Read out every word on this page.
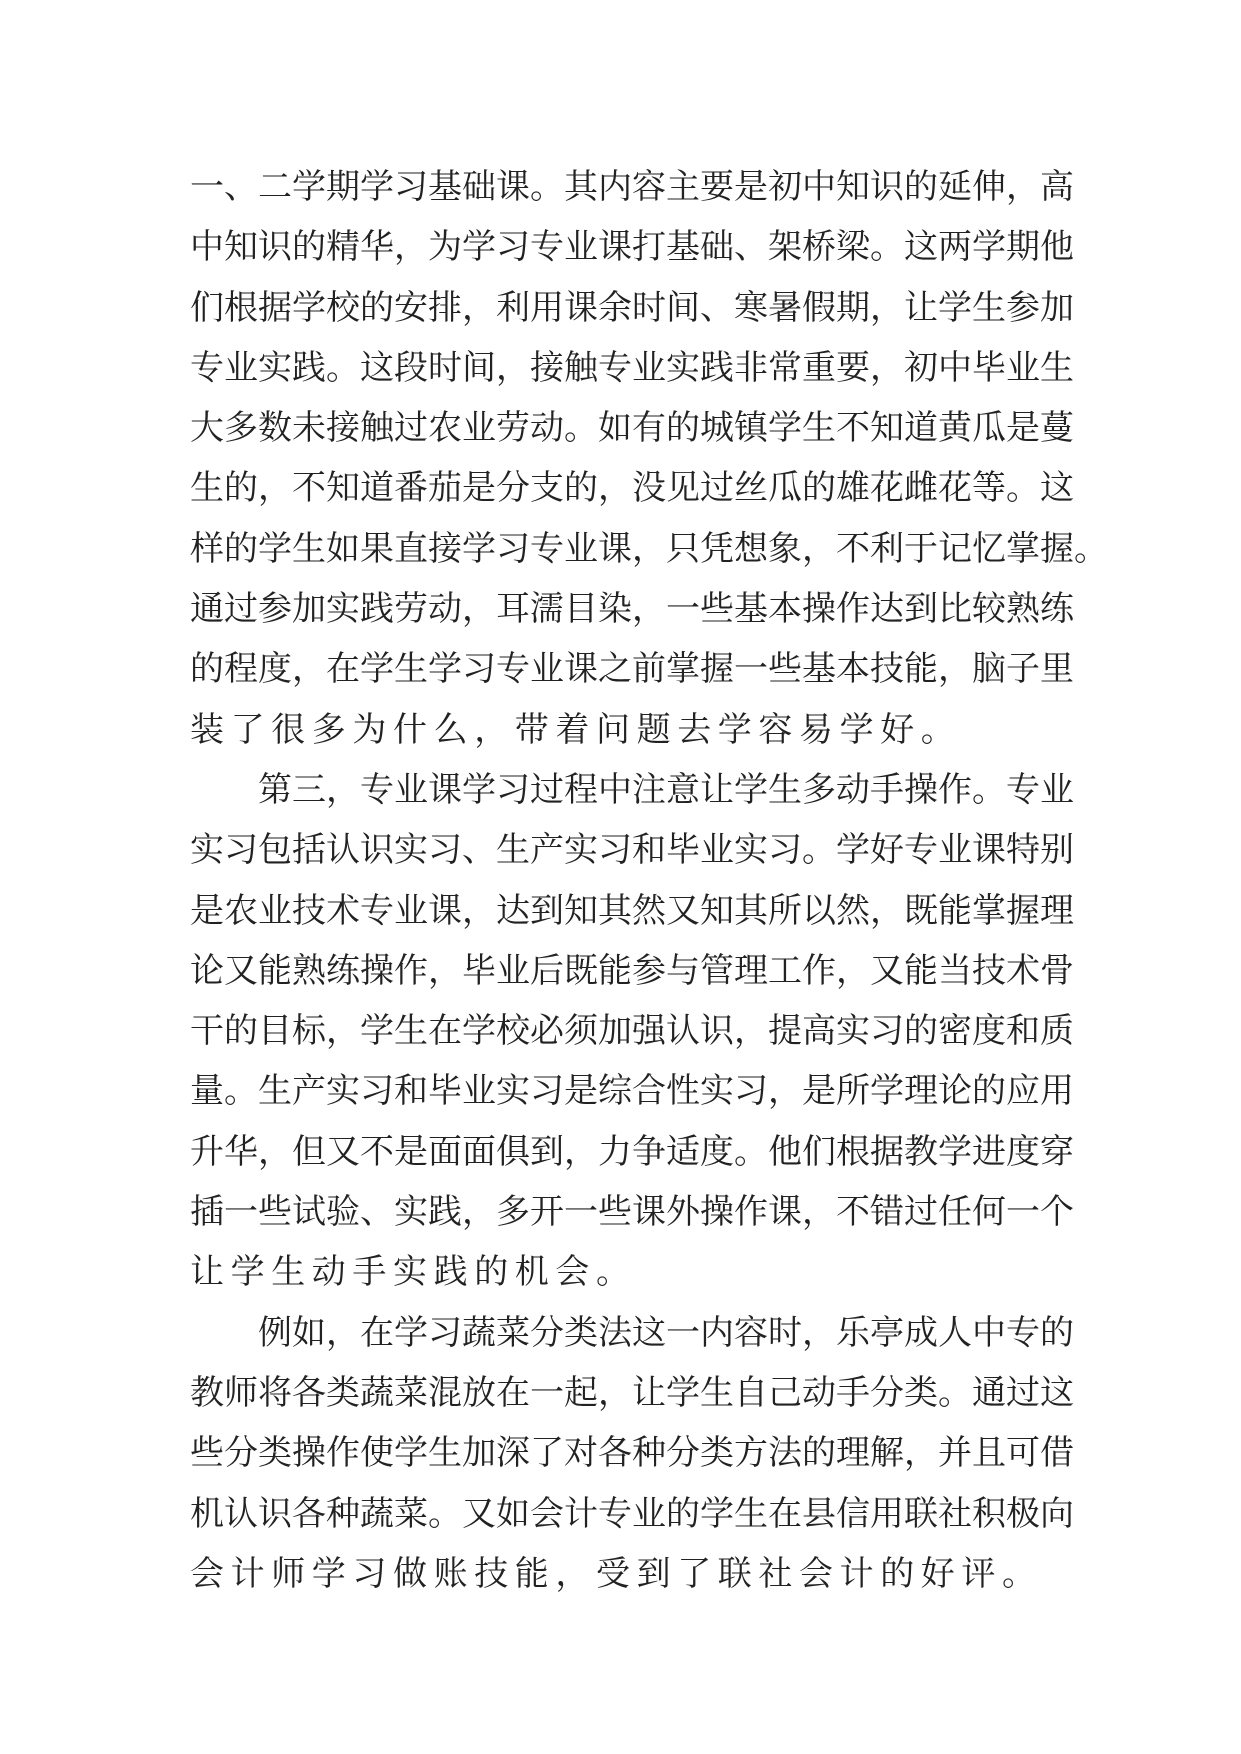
一、二学期学习基础课。其内容主要是初中知识的延伸，高
中知识的精华，为学习专业课打基础、架桥梁。这两学期他
们根据学校的安排，利用课余时间、寒暑假期，让学生参加
专业实践。这段时间，接触专业实践非常重要，初中毕业生
大多数未接触过农业劳动。如有的城镇学生不知道黄瓜是蔓
生的，不知道番茄是分支的，没见过丝瓜的雄花雌花等。这
样的学生如果直接学习专业课，只凭想象，不利于记忆掌握。
通过参加实践劳动，耳濡目染，一些基本操作达到比较熟练
的程度，在学生学习专业课之前掌握一些基本技能，脑子里
装了很多为什么，带着问题去学容易学好。
第三，专业课学习过程中注意让学生多动手操作。专业
实习包括认识实习、生产实习和毕业实习。学好专业课特别
是农业技术专业课，达到知其然又知其所以然，既能掌握理
论又能熟练操作，毕业后既能参与管理工作，又能当技术骨
干的目标，学生在学校必须加强认识，提高实习的密度和质
量。生产实习和毕业实习是综合性实习，是所学理论的应用
升华，但又不是面面俱到，力争适度。他们根据教学进度穿
插一些试验、实践，多开一些课外操作课，不错过任何一个
让学生动手实践的机会。
例如，在学习蔬菜分类法这一内容时，乐亭成人中专的
教师将各类蔬菜混放在一起，让学生自己动手分类。通过这
些分类操作使学生加深了对各种分类方法的理解，并且可借
机认识各种蔬菜。又如会计专业的学生在县信用联社积极向
会计师学习做账技能，受到了联社会计的好评。
